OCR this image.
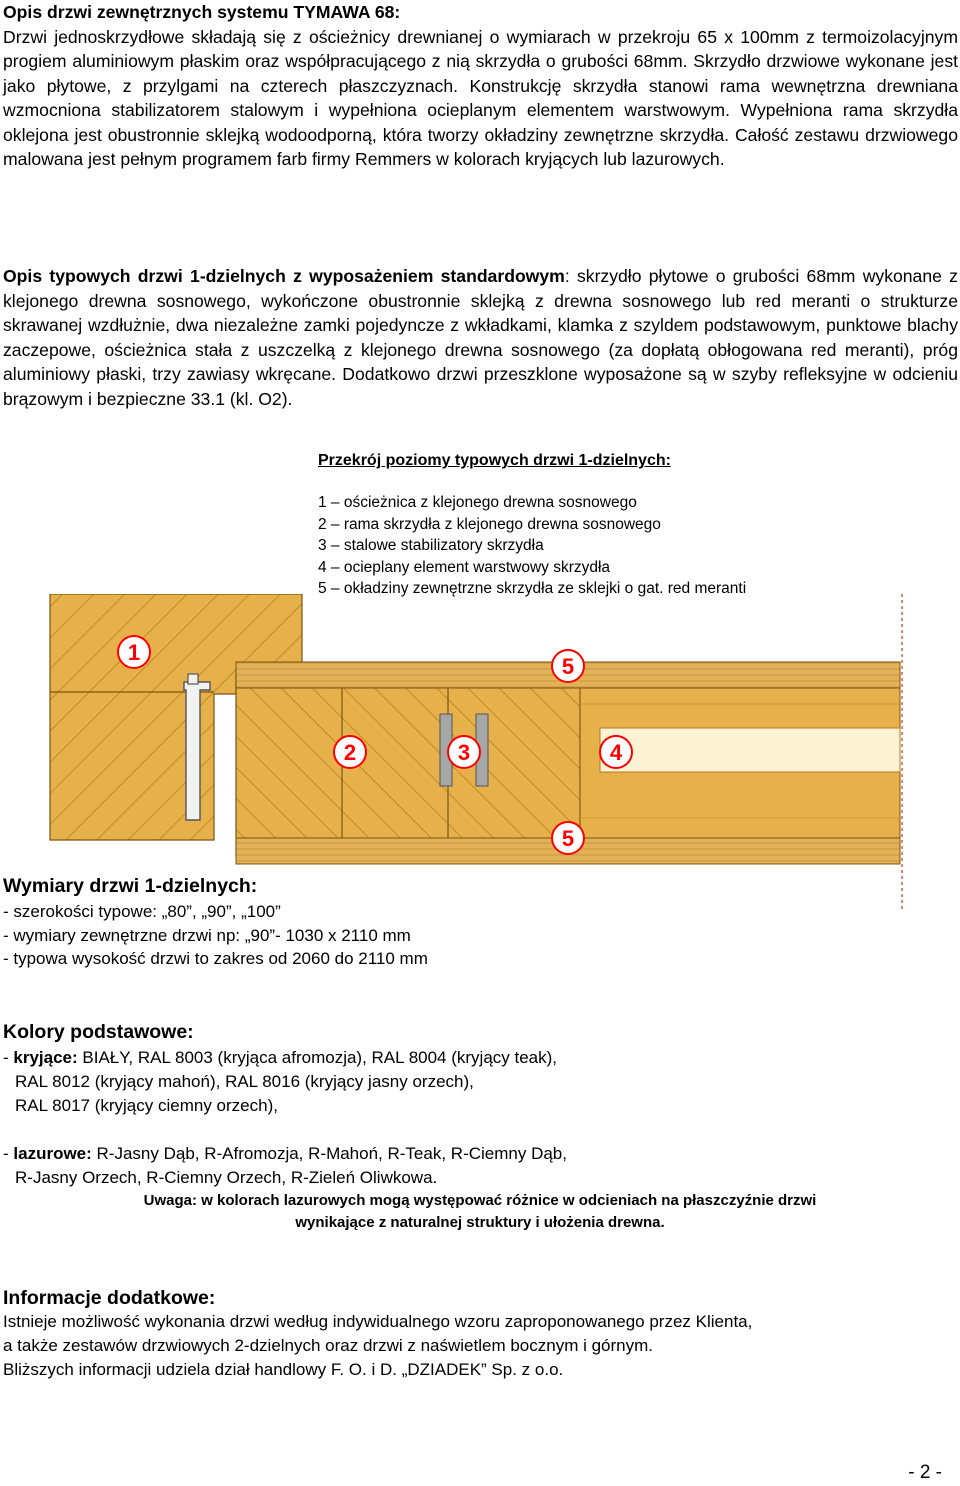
Opis drzwi zewnętrznych systemu TYMAWA 68:
Drzwi jednoskrzydłowe składają się z ościeżnicy drewnianej o wymiarach w przekroju 65 x 100mm z termoizolacyjnym progiem aluminiowym płaskim oraz współpracującego z nią skrzydła o grubości 68mm. Skrzydło drzwiowe wykonane jest jako płytowe, z przylgami na czterech płaszczyznach. Konstrukcję skrzydła stanowi rama wewnętrzna drewniana wzmocniona stabilizatorem stalowym i wypełniona ocieplanym elementem warstwowym. Wypełniona rama skrzydła oklejona jest obustronnie sklejką wodoodporną, która tworzy okładziny zewnętrzne skrzydła. Całość zestawu drzwiowego malowana jest pełnym programem farb firmy Remmers w kolorach kryjących lub lazurowych.
Opis typowych drzwi 1-dzielnych z wyposażeniem standardowym: skrzydło płytowe o grubości 68mm wykonane z klejonego drewna sosnowego, wykończone obustronnie sklejką z drewna sosnowego lub red meranti o strukturze skrawanej wzdłużnie, dwa niezależne zamki pojedyncze z wkładkami, klamka z szyldem podstawowym, punktowe blachy zaczepowe, ościeżnica stała z uszczelką z klejonego drewna sosnowego (za dopłatą obłogowana red meranti), próg aluminiowy płaski, trzy zawiasy wkręcane. Dodatkowo drzwi przeszklone wyposażone są w szyby refleksyjne w odcieniu brązowym i bezpieczne 33.1 (kl. O2).
Przekrój poziomy typowych drzwi 1-dzielnych:
1 – ościeżnica z klejonego drewna sosnowego
2 – rama skrzydła z klejonego drewna sosnowego
3 – stalowe stabilizatory skrzydła
4 – ocieplany element warstwowy skrzydła
5 – okładziny zewnętrzne skrzydła ze sklejki o gat. red meranti
1
2	3	4
5
5
Wymiary drzwi 1-dzielnych:
- szerokości typowe: „80”, „90”, „100”
- wymiary zewnętrzne drzwi np: „90”- 1030 x 2110 mm
- typowa wysokość drzwi to zakres od 2060 do 2110 mm
Kolory podstawowe:
- kryjące: BIAŁY, RAL 8003 (kryjąca afromozja), RAL 8004 (kryjący teak),
RAL 8012 (kryjący mahoń), RAL 8016 (kryjący jasny orzech),
RAL 8017 (kryjący ciemny orzech),
- lazurowe: R-Jasny Dąb, R-Afromozja, R-Mahoń, R-Teak, R-Ciemny Dąb,
R-Jasny Orzech, R-Ciemny Orzech, R-Zieleń Oliwkowa.
Uwaga: w kolorach lazurowych mogą występować różnice w odcieniach na płaszczyźnie drzwi
wynikające z naturalnej struktury i ułożenia drewna.
Informacje dodatkowe:
Istnieje możliwość wykonania drzwi według indywidualnego wzoru zaproponowanego przez Klienta,
a także zestawów drzwiowych 2-dzielnych oraz drzwi z naświetlem bocznym i górnym.
Bliższych informacji udziela dział handlowy F. O. i D. „DZIADEK” Sp. z o.o.
- 2 -
